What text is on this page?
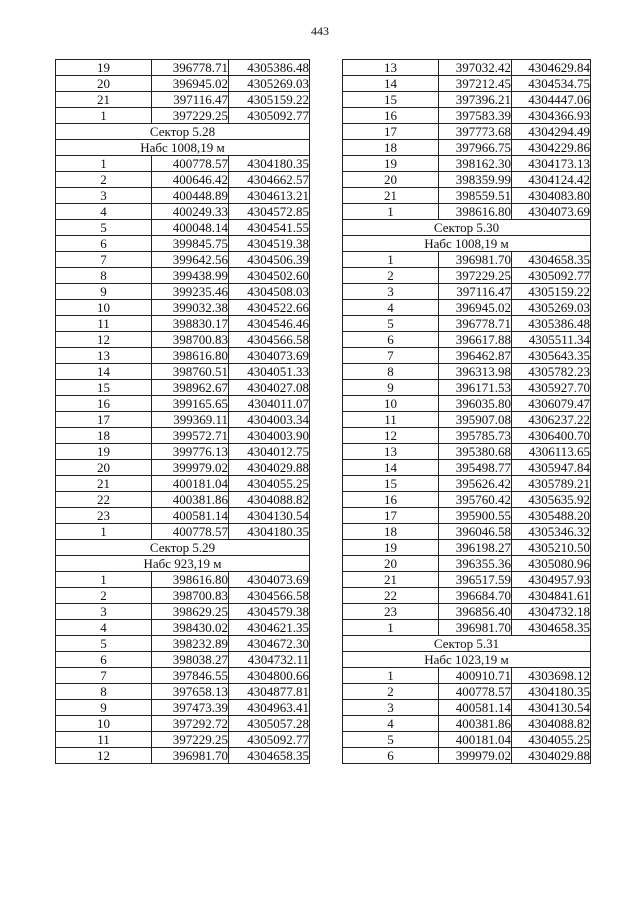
443
19	396778.71	4305386.48
20	396945.02	4305269.03
21	397116.47	4305159.22
1	397229.25	4305092.77
Сектор 5.28		
Набс 1008,19 м		
1	400778.57	4304180.35
2	400646.42	4304662.57
3	400448.89	4304613.21
4	400249.33	4304572.85
5	400048.14	4304541.55
6	399845.75	4304519.38
7	399642.56	4304506.39
8	399438.99	4304502.60
9	399235.46	4304508.03
10	399032.38	4304522.66
11	398830.17	4304546.46
12	398700.83	4304566.58
13	398616.80	4304073.69
14	398760.51	4304051.33
15	398962.67	4304027.08
16	399165.65	4304011.07
17	399369.11	4304003.34
18	399572.71	4304003.90
19	399776.13	4304012.75
20	399979.02	4304029.88
21	400181.04	4304055.25
22	400381.86	4304088.82
23	400581.14	4304130.54
1	400778.57	4304180.35
Сектор 5.29		
Набс 923,19 м		
1	398616.80	4304073.69
2	398700.83	4304566.58
3	398629.25	4304579.38
4	398430.02	4304621.35
5	398232.89	4304672.30
6	398038.27	4304732.11
7	397846.55	4304800.66
8	397658.13	4304877.81
9	397473.39	4304963.41
10	397292.72	4305057.28
11	397229.25	4305092.77
12	396981.70	4304658.35
13	397032.42	4304629.84
14	397212.45	4304534.75
15	397396.21	4304447.06
16	397583.39	4304366.93
17	397773.68	4304294.49
18	397966.75	4304229.86
19	398162.30	4304173.13
20	398359.99	4304124.42
21	398559.51	4304083.80
1	398616.80	4304073.69
Сектор 5.30		
Набс 1008,19 м		
1	396981.70	4304658.35
2	397229.25	4305092.77
3	397116.47	4305159.22
4	396945.02	4305269.03
5	396778.71	4305386.48
6	396617.88	4305511.34
7	396462.87	4305643.35
8	396313.98	4305782.23
9	396171.53	4305927.70
10	396035.80	4306079.47
11	395907.08	4306237.22
12	395785.73	4306400.70
13	395380.68	4306113.65
14	395498.77	4305947.84
15	395626.42	4305789.21
16	395760.42	4305635.92
17	395900.55	4305488.20
18	396046.58	4305346.32
19	396198.27	4305210.50
20	396355.36	4305080.96
21	396517.59	4304957.93
22	396684.70	4304841.61
23	396856.40	4304732.18
1	396981.70	4304658.35
Сектор 5.31		
Набс 1023,19 м		
1	400910.71	4303698.12
2	400778.57	4304180.35
3	400581.14	4304130.54
4	400381.86	4304088.82
5	400181.04	4304055.25
6	399979.02	4304029.88
